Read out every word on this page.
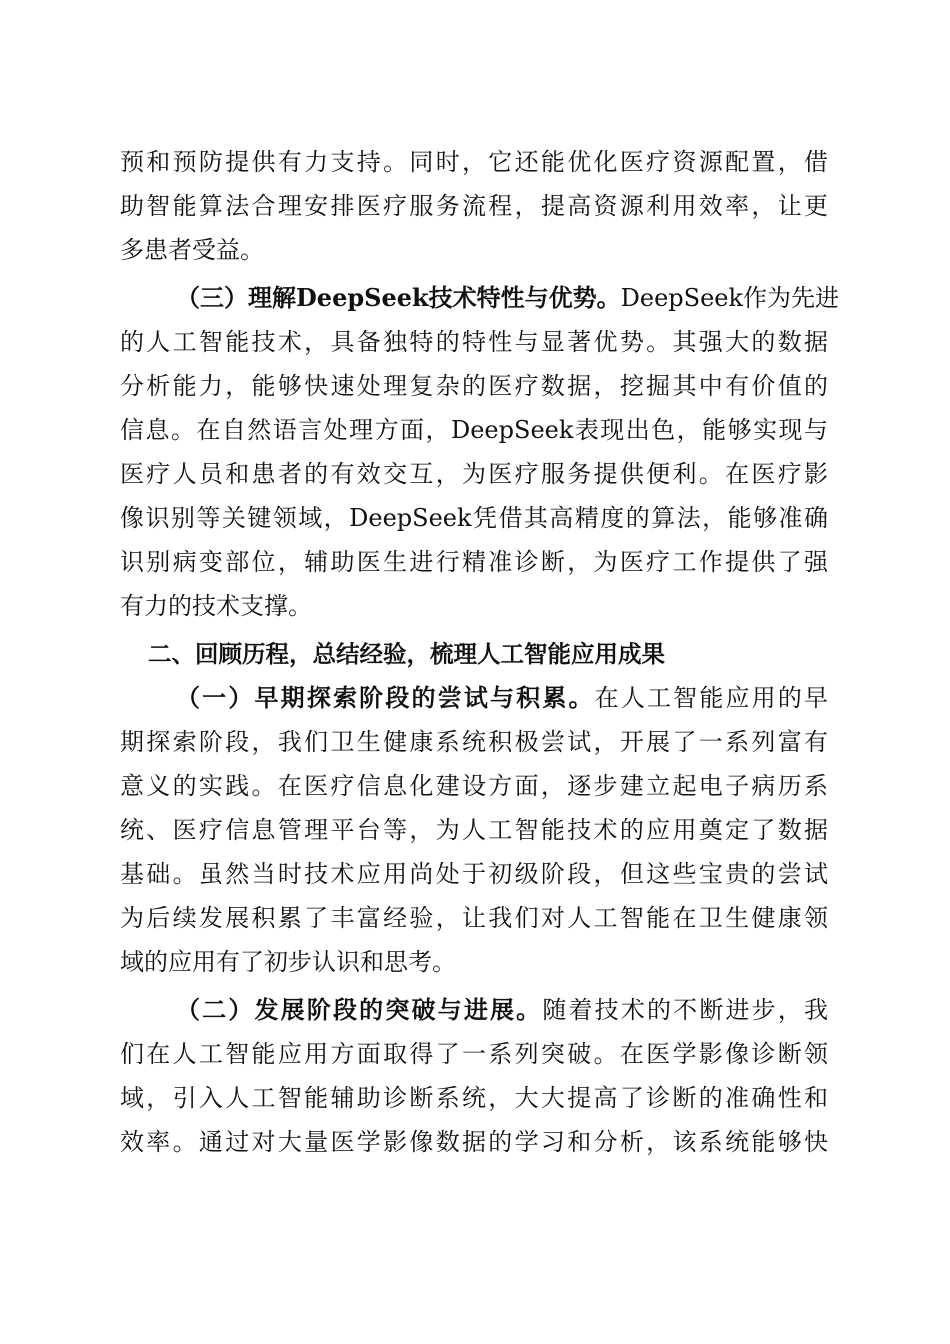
预和预防提供有力支持。同时，它还能优化医疗资源配置，借
助智能算法合理安排医疗服务流程，提高资源利用效率，让更
多患者受益。
（三）理解DeepSeek技术特性与优势。DeepSeek作为先进
的人工智能技术，具备独特的特性与显著优势。其强大的数据
分析能力，能够快速处理复杂的医疗数据，挖掘其中有价值的
信息。在自然语言处理方面，DeepSeek表现出色，能够实现与
医疗人员和患者的有效交互，为医疗服务提供便利。在医疗影
像识别等关键领域，DeepSeek凭借其高精度的算法，能够准确
识别病变部位，辅助医生进行精准诊断，为医疗工作提供了强
有力的技术支撑。
二、回顾历程，总结经验，梳理人工智能应用成果
（一）早期探索阶段的尝试与积累。在人工智能应用的早
期探索阶段，我们卫生健康系统积极尝试，开展了一系列富有
意义的实践。在医疗信息化建设方面，逐步建立起电子病历系
统、医疗信息管理平台等，为人工智能技术的应用奠定了数据
基础。虽然当时技术应用尚处于初级阶段，但这些宝贵的尝试
为后续发展积累了丰富经验，让我们对人工智能在卫生健康领
域的应用有了初步认识和思考。
（二）发展阶段的突破与进展。随着技术的不断进步，我
们在人工智能应用方面取得了一系列突破。在医学影像诊断领
域，引入人工智能辅助诊断系统，大大提高了诊断的准确性和
效率。通过对大量医学影像数据的学习和分析，该系统能够快
